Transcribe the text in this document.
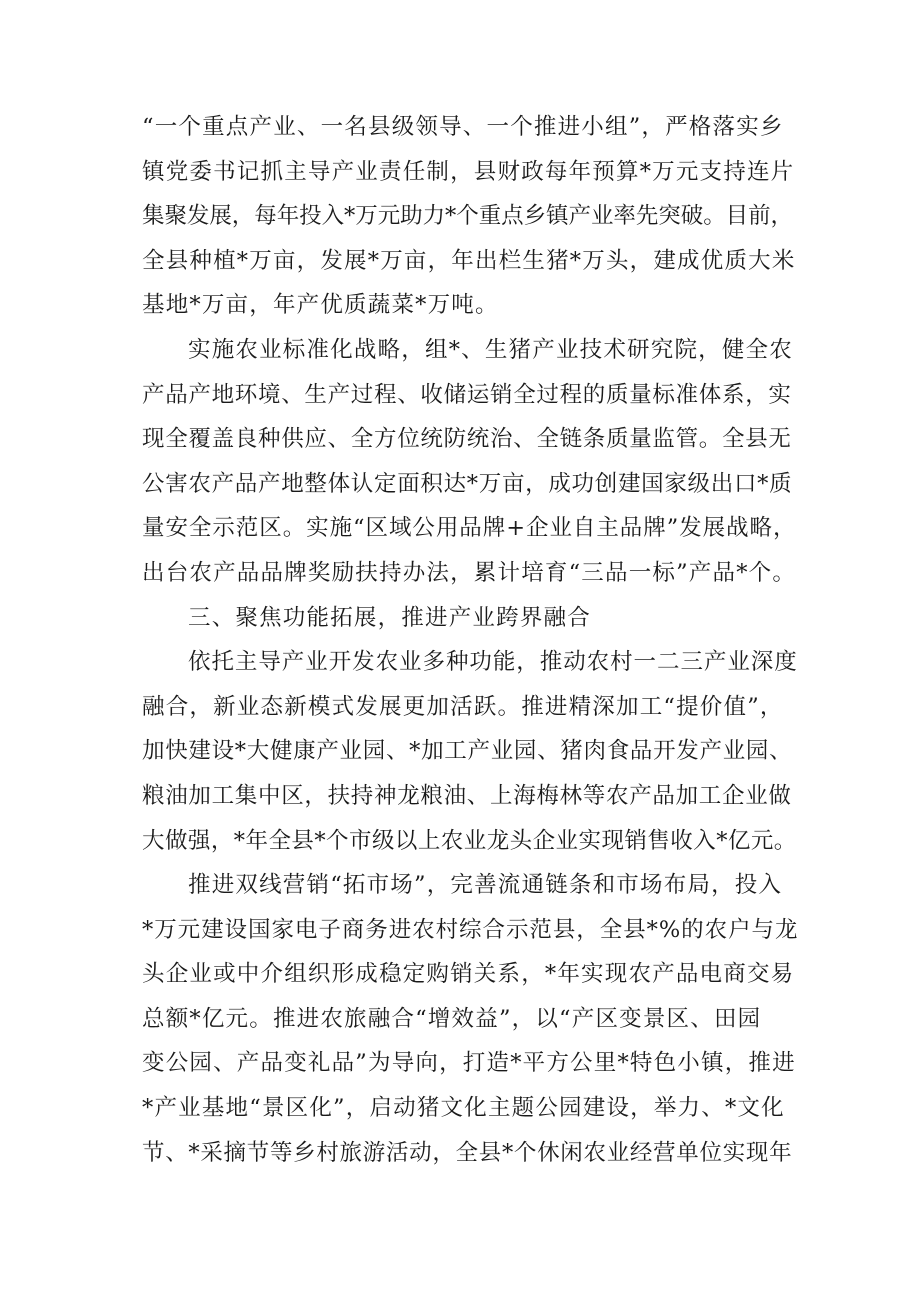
“一个重点产业、一名县级领导、一个推进小组”，严格落实乡
镇党委书记抓主导产业责任制，县财政每年预算*万元支持连片
集聚发展，每年投入*万元助力*个重点乡镇产业率先突破。目前，
全县种植*万亩，发展*万亩，年出栏生猪*万头，建成优质大米
基地*万亩，年产优质蔬菜*万吨。
实施农业标准化战略，组*、生猪产业技术研究院，健全农
产品产地环境、生产过程、收储运销全过程的质量标准体系，实
现全覆盖良种供应、全方位统防统治、全链条质量监管。全县无
公害农产品产地整体认定面积达*万亩，成功创建国家级出口*质
量安全示范区。实施“区域公用品牌+企业自主品牌”发展战略，
出台农产品品牌奖励扶持办法，累计培育“三品一标”产品*个。
三、聚焦功能拓展，推进产业跨界融合
依托主导产业开发农业多种功能，推动农村一二三产业深度
融合，新业态新模式发展更加活跃。推进精深加工“提价值”，
加快建设*大健康产业园、*加工产业园、猪肉食品开发产业园、
粮油加工集中区，扶持神龙粮油、上海梅林等农产品加工企业做
大做强，*年全县*个市级以上农业龙头企业实现销售收入*亿元。
推进双线营销“拓市场”，完善流通链条和市场布局，投入
*万元建设国家电子商务进农村综合示范县，全县*%的农户与龙
头企业或中介组织形成稳定购销关系，*年实现农产品电商交易
总额*亿元。推进农旅融合“增效益”，以“产区变景区、田园
变公园、产品变礼品”为导向，打造*平方公里*特色小镇，推进
*产业基地“景区化”，启动猪文化主题公园建设，举力、*文化
节、*采摘节等乡村旅游活动，全县*个休闲农业经营单位实现年
